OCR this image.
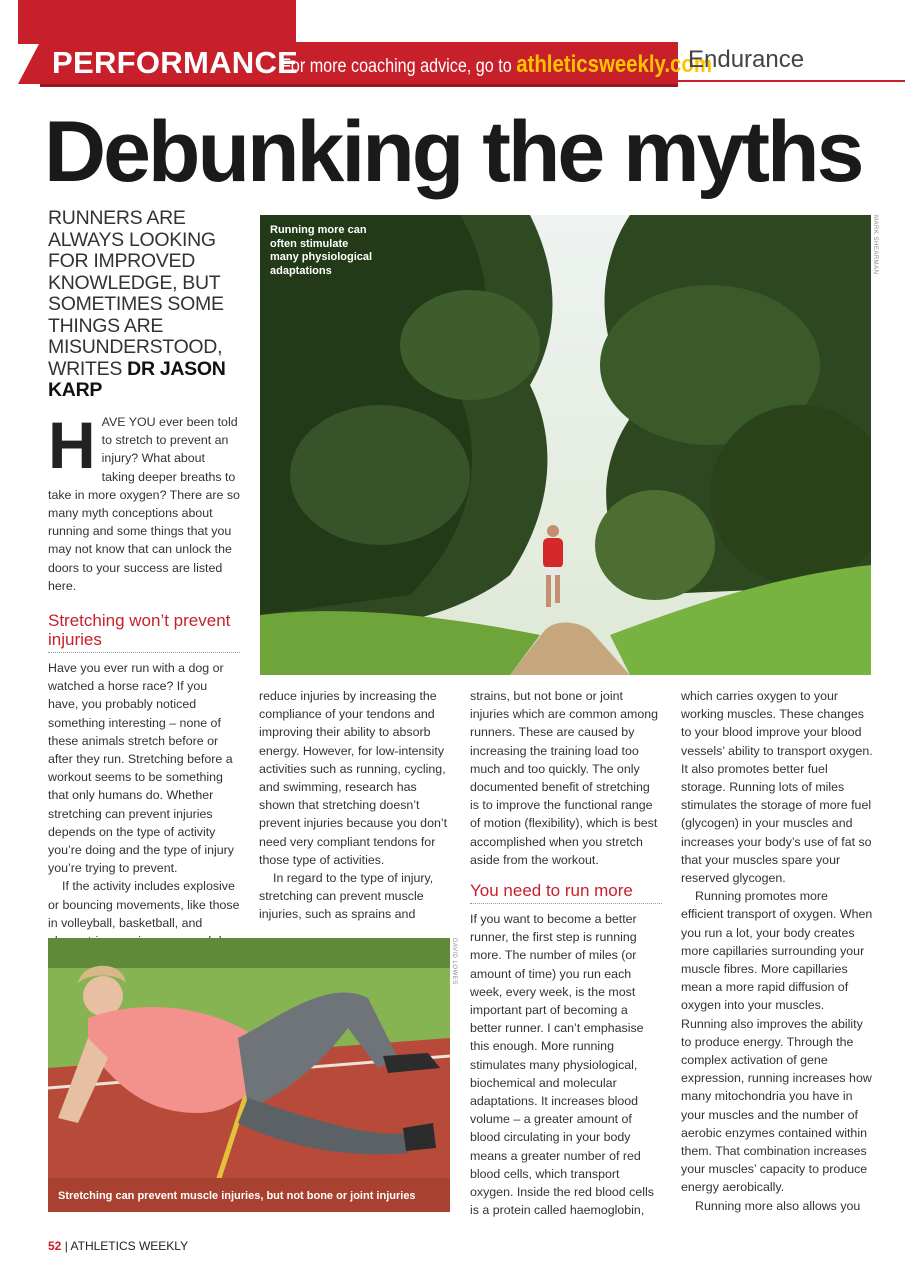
PERFORMANCE
For more coaching advice, go to athleticsweekly.com
Endurance
Debunking the myths
RUNNERS ARE ALWAYS LOOKING FOR IMPROVED KNOWLEDGE, BUT SOMETIMES SOME THINGS ARE MISUNDERSTOOD, WRITES DR JASON KARP

HAVE YOU ever been told to stretch to prevent an injury? What about taking deeper breaths to take in more oxygen? There are so many myth conceptions about running and some things that you may not know that can unlock the doors to your success are listed here.

Stretching won’t prevent injuries

Have you ever run with a dog or watched a horse race? If you have, you probably noticed something interesting – none of these animals stretch before or after they run. Stretching before a workout seems to be something that only humans do. Whether stretching can prevent injuries depends on the type of activity you’re doing and the type of injury you’re trying to prevent.

If the activity includes explosive or bouncing movements, like those in volleyball, basketball, and

Running more can often stimulate many physiological adaptations	MARK SHEARMAN

reduce injuries by increasing the compliance of your tendons and improving their ability to absorb energy. However, for low-intensity activities such as running, cycling, and swimming, research has shown that stretching doesn’t prevent injuries because you don’t need very compliant tendons for those type of activities.

In regard to the type of injury, stretching can prevent muscle injuries, such as sprains and

strains, but not bone or joint injuries which are common among runners. These are caused by increasing the training load too much and too quickly. The only documented benefit of stretching is to improve the functional range of motion (flexibility), which is best accomplished when you stretch aside from the workout.

You need to run more

If you want to become a better runner, the first step is running more. The number of miles (or amount of time) you run each week, every week, is the most important part of becoming a better runner. I can’t emphasise this enough. More running stimulates many physiological, biochemical and molecular adaptations. It increases blood volume – a greater amount of blood circulating in your body means a greater number of red blood cells, which transport oxygen. Inside the red blood cells is a protein called haemoglobin,

which carries oxygen to your working muscles. These changes to your blood improve your blood vessels’ ability to transport oxygen. It also promotes better fuel storage. Running lots of miles stimulates the storage of more fuel (glycogen) in your muscles and increases your body’s use of fat so that your muscles spare your reserved glycogen.

Running promotes more efficient transport of oxygen. When you run a lot, your body creates more capillaries surrounding your muscle fibres. More capillaries mean a more rapid diffusion of oxygen into your muscles. Running also improves the ability to produce energy. Through the complex activation of gene expression, running increases how many mitochondria you have in your muscles and the number of aerobic enzymes contained within them. That combination increases your muscles’ capacity to produce energy aerobically.

Running more also allows you

Stretching can prevent muscle injuries, but not bone or joint injuries
DAVID LOWES
52 | ATHLETICS WEEKLY
